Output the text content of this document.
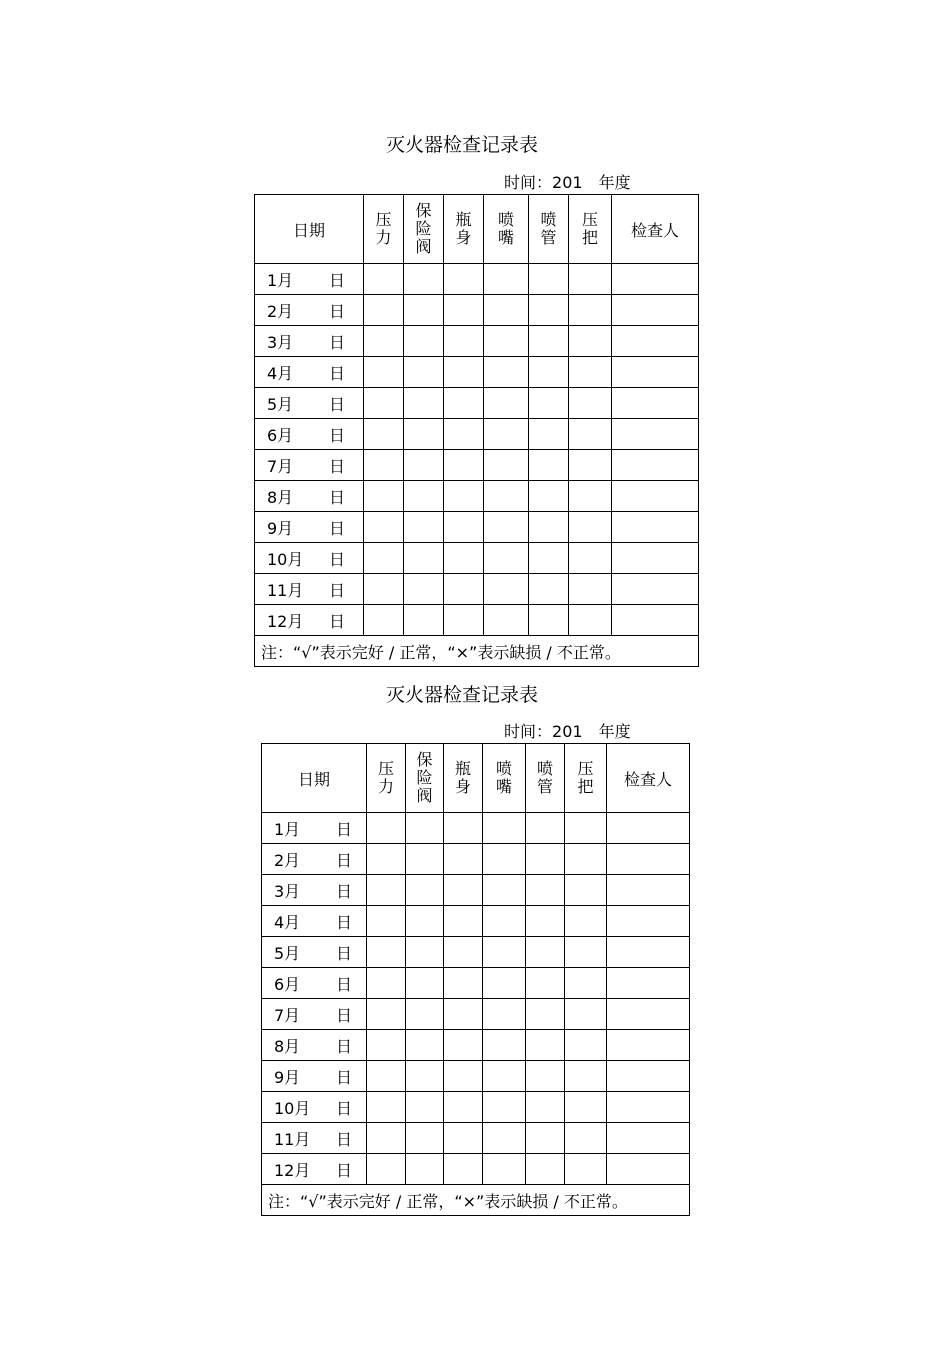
灭火器检查记录表
时间：201 年度
日期	压力	保险阀	瓶身	喷嘴	喷管	压把	检查人
1月 日							
2月 日							
3月 日							
4月 日							
5月 日							
6月 日							
7月 日							
8月 日							
9月 日							
10月 日							
11月 日							
12月 日							
注：“√”表示完好 / 正常，“×”表示缺损 / 不正常。							
灭火器检查记录表
时间：201 年度
日期	压力	保险阀	瓶身	喷嘴	喷管	压把	检查人
1月 日							
2月 日							
3月 日							
4月 日							
5月 日							
6月 日							
7月 日							
8月 日							
9月 日							
10月 日							
11月 日							
12月 日							
注：“√”表示完好 / 正常，“×”表示缺损 / 不正常。							
